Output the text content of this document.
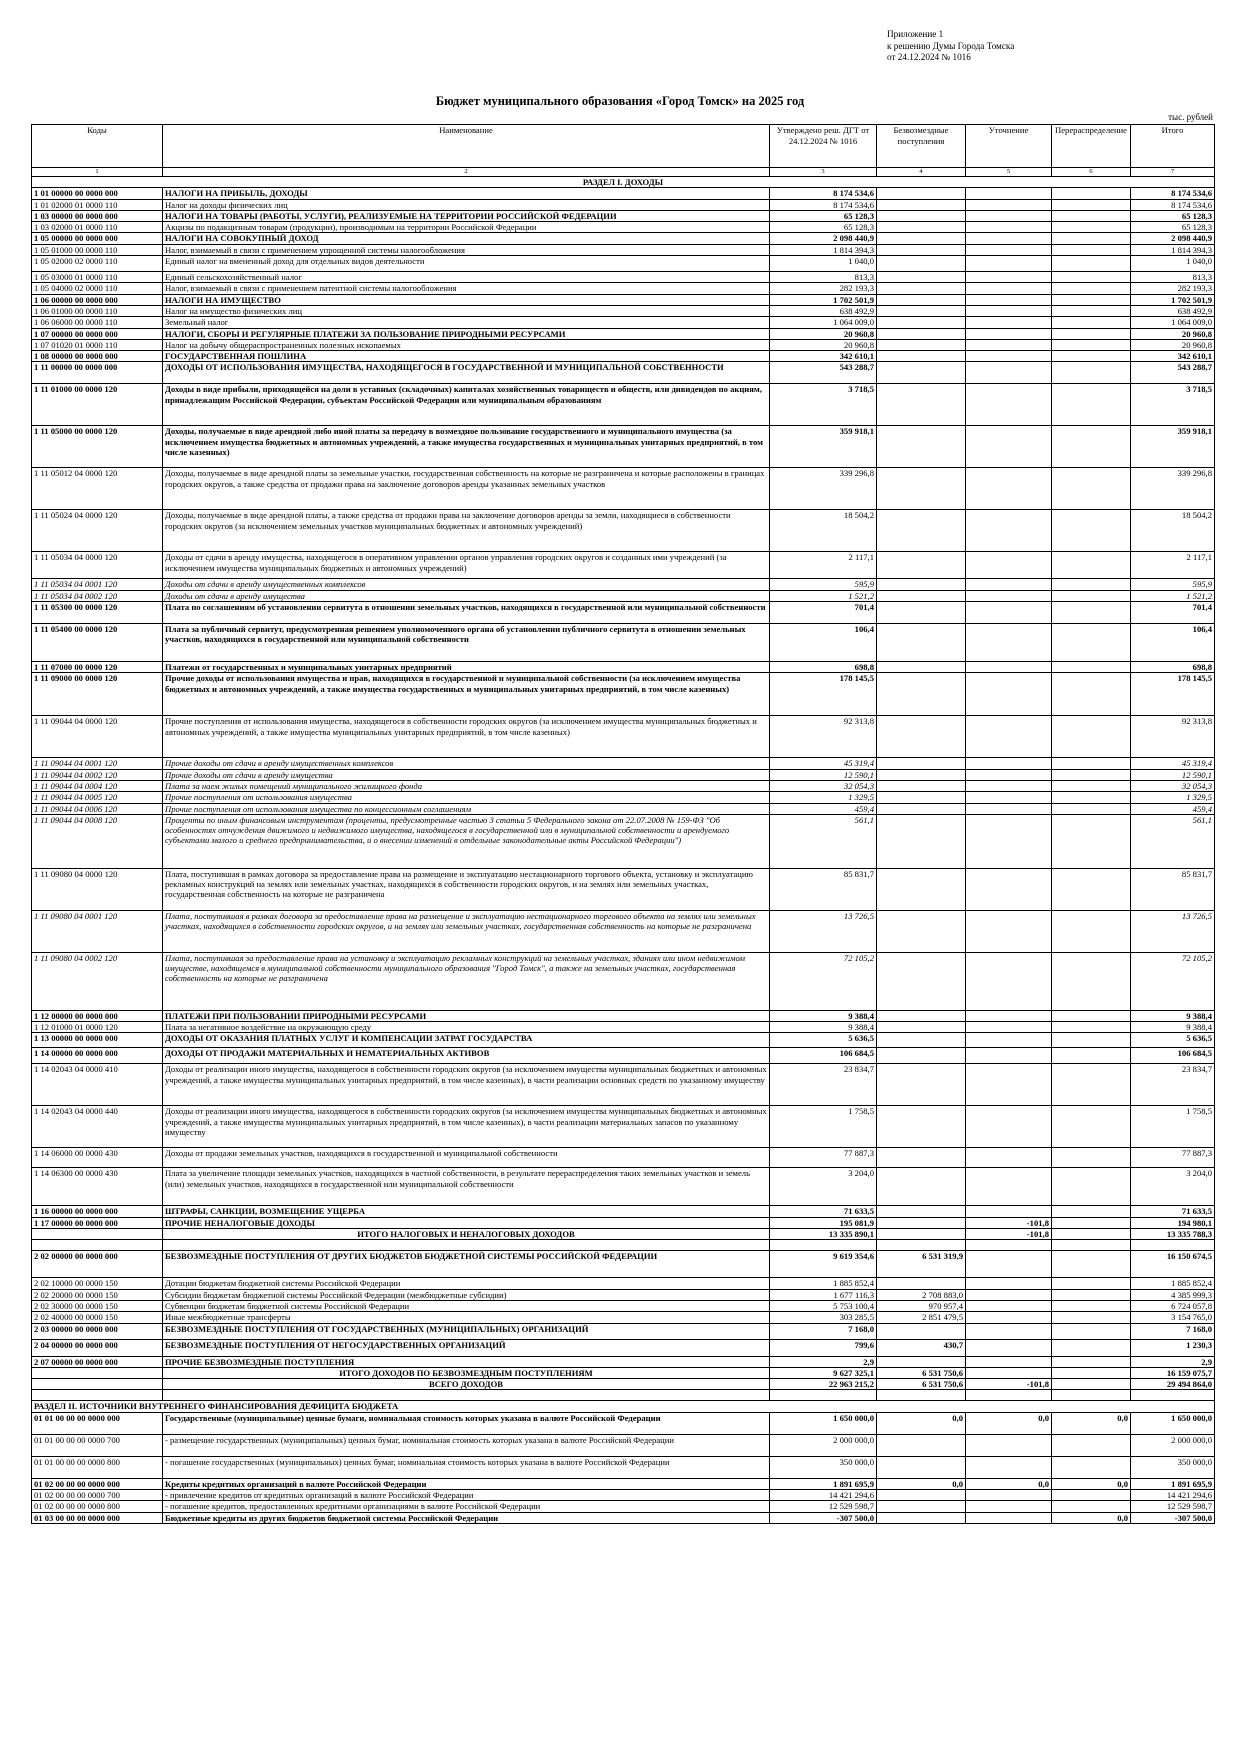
Приложение 1
к решению Думы Города Томска
от 24.12.2024 № 1016
Бюджет муниципального образования «Город Томск» на 2025 год
тыс. рублей
Коды	Наименование	Утверждено реш. ДГТ от 24.12.2024 № 1016	Безвозмездные поступления	Уточнение	Перераспределение	Итого
1	2	3	4	5	6	7
РАЗДЕЛ I. ДОХОДЫ						
1 01 00000 00 0000 000	НАЛОГИ НА ПРИБЫЛЬ, ДОХОДЫ	8 174 534,6				8 174 534,6
1 01 02000 01 0000 110	Налог на доходы физических лиц	8 174 534,6				8 174 534,6
1 03 00000 00 0000 000	НАЛОГИ НА ТОВАРЫ (РАБОТЫ, УСЛУГИ), РЕАЛИЗУЕМЫЕ НА ТЕРРИТОРИИ РОССИЙСКОЙ ФЕДЕРАЦИИ	65 128,3				65 128,3
1 03 02000 01 0000 110	Акцизы по подакцизным товарам (продукции), производимым на территории Российской Федерации	65 128,3				65 128,3
1 05 00000 00 0000 000	НАЛОГИ НА СОВОКУПНЫЙ ДОХОД	2 098 440,9				2 098 440,9
1 05 01000 00 0000 110	Налог, взимаемый в связи с применением упрощенной системы налогообложения	1 814 394,3				1 814 394,3
1 05 02000 02 0000 110	Единый налог на вмененный доход для отдельных видов деятельности	1 040,0				1 040,0
1 05 03000 01 0000 110	Единый сельскохозяйственный налог	813,3				813,3
1 05 04000 02 0000 110	Налог, взимаемый в связи с применением патентной системы налогообложения	282 193,3				282 193,3
1 06 00000 00 0000 000	НАЛОГИ НА ИМУЩЕСТВО	1 702 501,9				1 702 501,9
1 06 01000 00 0000 110	Налог на имущество физических лиц	638 492,9				638 492,9
1 06 06000 00 0000 110	Земельный налог	1 064 009,0				1 064 009,0
1 07 00000 00 0000 000	НАЛОГИ, СБОРЫ И РЕГУЛЯРНЫЕ ПЛАТЕЖИ ЗА ПОЛЬЗОВАНИЕ ПРИРОДНЫМИ РЕСУРСАМИ	20 960,8				20 960,8
1 07 01020 01 0000 110	Налог на добычу общераспространенных полезных ископаемых	20 960,8				20 960,8
1 08 00000 00 0000 000	ГОСУДАРСТВЕННАЯ ПОШЛИНА	342 610,1				342 610,1
1 11 00000 00 0000 000	ДОХОДЫ ОТ ИСПОЛЬЗОВАНИЯ ИМУЩЕСТВА, НАХОДЯЩЕГОСЯ В ГОСУДАРСТВЕННОЙ И МУНИЦИПАЛЬНОЙ СОБСТВЕННОСТИ	543 288,7				543 288,7
1 11 01000 00 0000 120	Доходы в виде прибыли, приходящейся на доли в уставных (складочных) капиталах хозяйственных товариществ и обществ, или дивидендов по акциям, принадлежащим Российской Федерации, субъектам Российской Федерации или муниципальным образованиям	3 718,5				3 718,5
1 11 05000 00 0000 120	Доходы, получаемые в виде арендной либо иной платы за передачу в возмездное пользование государственного и муниципального имущества (за исключением имущества бюджетных и автономных учреждений, а также имущества государственных и муниципальных унитарных предприятий, в том числе казенных)	359 918,1				359 918,1
1 11 05012 04 0000 120	Доходы, получаемые в виде арендной платы за земельные участки, государственная собственность на которые не разграничена и которые расположены в границах городских округов, а также средства от продажи права на заключение договоров аренды указанных земельных участков	339 296,8				339 296,8
1 11 05024 04 0000 120	Доходы, получаемые в виде арендной платы, а также средства от продажи права на заключение договоров аренды за земли, находящиеся в собственности городских округов (за исключением земельных участков муниципальных бюджетных и автономных учреждений)	18 504,2				18 504,2
1 11 05034 04 0000 120	Доходы от сдачи в аренду имущества, находящегося в оперативном управлении органов управления городских округов и созданных ими учреждений (за исключением имущества муниципальных бюджетных и автономных учреждений)	2 117,1				2 117,1
1 11 05034 04 0001 120	Доходы от сдачи в аренду имущественных комплексов	595,9				595,9
1 11 05034 04 0002 120	Доходы от сдачи в аренду имущества	1 521,2				1 521,2
1 11 05300 00 0000 120	Плата по соглашениям об установлении сервитута в отношении земельных участков, находящихся в государственной или муниципальной собственности	701,4				701,4
1 11 05400 00 0000 120	Плата за публичный сервитут, предусмотренная решением уполномоченного органа об установлении публичного сервитута в отношении земельных участков, находящихся в государственной или муниципальной собственности	106,4				106,4
1 11 07000 00 0000 120	Платежи от государственных и муниципальных унитарных предприятий	698,8				698,8
1 11 09000 00 0000 120	Прочие доходы от использования имущества и прав, находящихся в государственной и муниципальной собственности (за исключением имущества бюджетных и автономных учреждений, а также имущества государственных и муниципальных унитарных предприятий, в том числе казенных)	178 145,5				178 145,5
1 11 09044 04 0000 120	Прочие поступления от использования имущества, находящегося в собственности городских округов (за исключением имущества муниципальных бюджетных и автономных учреждений, а также имущества муниципальных унитарных предприятий, в том числе казенных)	92 313,8				92 313,8
1 11 09044 04 0001 120	Прочие доходы от сдачи в аренду имущественных комплексов	45 319,4				45 319,4
1 11 09044 04 0002 120	Прочие доходы от сдачи в аренду имущества	12 590,1				12 590,1
1 11 09044 04 0004 120	Плата за наем жилых помещений муниципального жилищного фонда	32 054,3				32 054,3
1 11 09044 04 0005 120	Прочие поступления от использования имущества	1 329,5				1 329,5
1 11 09044 04 0006 120	Прочие поступления от использования имущества по концессионным соглашениям	459,4				459,4
1 11 09044 04 0008 120	Проценты по иным финансовым инструментам (проценты, предусмотренные частью 3 статьи 5 Федерального закона от 22.07.2008 № 159-ФЗ "Об особенностях отчуждения движимого и недвижимого имущества, находящегося в государственной или в муниципальной собственности и арендуемого субъектами малого и среднего предпринимательства, и о внесении изменений в отдельные законодательные акты Российской Федерации")	561,1				561,1
1 11 09080 04 0000 120	Плата, поступившая в рамках договора за предоставление права на размещение и эксплуатацию нестационарного торгового объекта, установку и эксплуатацию рекламных конструкций на землях или земельных участках, находящихся в собственности городских округов, и на землях или земельных участках, государственная собственность на которые не разграничена	85 831,7				85 831,7
1 11 09080 04 0001 120	Плата, поступившая в рамках договора за предоставление права на размещение и эксплуатацию нестационарного торгового объекта на землях или земельных участках, находящихся в собственности городских округов, и на землях или земельных участках, государственная собственность на которые не разграничена	13 726,5				13 726,5
1 11 09080 04 0002 120	Плата, поступившая за предоставление права на установку и эксплуатацию рекламных конструкций на земельных участках, зданиях или ином недвижимом имуществе, находящемся в муниципальной собственности муниципального образования "Город Томск", а также на земельных участках, государственная собственность на которые не разграничена	72 105,2				72 105,2
1 12 00000 00 0000 000	ПЛАТЕЖИ ПРИ ПОЛЬЗОВАНИИ ПРИРОДНЫМИ РЕСУРСАМИ	9 388,4				9 388,4
1 12 01000 01 0000 120	Плата за негативное воздействие на окружающую среду	9 388,4				9 388,4
1 13 00000 00 0000 000	ДОХОДЫ ОТ ОКАЗАНИЯ ПЛАТНЫХ УСЛУГ И КОМПЕНСАЦИИ ЗАТРАТ ГОСУДАРСТВА	5 636,5				5 636,5
1 14 00000 00 0000 000	ДОХОДЫ ОТ ПРОДАЖИ МАТЕРИАЛЬНЫХ И НЕМАТЕРИАЛЬНЫХ АКТИВОВ	106 684,5				106 684,5
1 14 02043 04 0000 410	Доходы от реализации иного имущества, находящегося в собственности городских округов (за исключением имущества муниципальных бюджетных и автономных учреждений, а также имущества муниципальных унитарных предприятий, в том числе казенных), в части реализации основных средств по указанному имуществу	23 834,7				23 834,7
1 14 02043 04 0000 440	Доходы от реализации иного имущества, находящегося в собственности городских округов (за исключением имущества муниципальных бюджетных и автономных учреждений, а также имущества муниципальных унитарных предприятий, в том числе казенных), в части реализации материальных запасов по указанному имуществу	1 758,5				1 758,5
1 14 06000 00 0000 430	Доходы от продажи земельных участков, находящихся в государственной и муниципальной собственности	77 887,3				77 887,3
1 14 06300 00 0000 430	Плата за увеличение площади земельных участков, находящихся в частной собственности, в результате перераспределения таких земельных участков и земель (или) земельных участков, находящихся в государственной или муниципальной собственности	3 204,0				3 204,0
1 16 00000 00 0000 000	ШТРАФЫ, САНКЦИИ, ВОЗМЕЩЕНИЕ УЩЕРБА	71 633,5				71 633,5
1 17 00000 00 0000 000	ПРОЧИЕ НЕНАЛОГОВЫЕ ДОХОДЫ	195 081,9		-101,8		194 980,1
	ИТОГО НАЛОГОВЫХ И НЕНАЛОГОВЫХ ДОХОДОВ	13 335 890,1		-101,8		13 335 788,3

2 02 00000 00 0000 000	БЕЗВОЗМЕЗДНЫЕ ПОСТУПЛЕНИЯ ОТ ДРУГИХ БЮДЖЕТОВ БЮДЖЕТНОЙ СИСТЕМЫ РОССИЙСКОЙ ФЕДЕРАЦИИ	9 619 354,6	6 531 319,9			16 150 674,5
2 02 10000 00 0000 150	Дотации бюджетам бюджетной системы Российской Федерации	1 885 852,4				1 885 852,4
2 02 20000 00 0000 150	Субсидии бюджетам бюджетной системы Российской Федерации (межбюджетные субсидии)	1 677 116,3	2 708 883,0			4 385 999,3
2 02 30000 00 0000 150	Субвенции бюджетам бюджетной системы Российской Федерации	5 753 100,4	970 957,4			6 724 057,8
2 02 40000 00 0000 150	Иные межбюджетные трансферты	303 285,5	2 851 479,5			3 154 765,0
2 03 00000 00 0000 000	БЕЗВОЗМЕЗДНЫЕ ПОСТУПЛЕНИЯ ОТ ГОСУДАРСТВЕННЫХ (МУНИЦИПАЛЬНЫХ) ОРГАНИЗАЦИЙ	7 168,0				7 168,0
2 04 00000 00 0000 000	БЕЗВОЗМЕЗДНЫЕ ПОСТУПЛЕНИЯ ОТ НЕГОСУДАРСТВЕННЫХ ОРГАНИЗАЦИЙ	799,6	430,7			1 230,3
2 07 00000 00 0000 000	ПРОЧИЕ БЕЗВОЗМЕЗДНЫЕ ПОСТУПЛЕНИЯ	2,9				2,9
	ИТОГО ДОХОДОВ ПО БЕЗВОЗМЕЗДНЫМ ПОСТУПЛЕНИЯМ	9 627 325,1	6 531 750,6			16 159 075,7
	ВСЕГО ДОХОДОВ	22 963 215,2	6 531 750,6	-101,8		29 494 864,0

РАЗДЕЛ II. ИСТОЧНИКИ ВНУТРЕННЕГО ФИНАНСИРОВАНИЯ ДЕФИЦИТА БЮДЖЕТА						
01 01 00 00 00 0000 000	Государственные (муниципальные) ценные бумаги, номинальная стоимость которых указана в валюте Российской Федерации	1 650 000,0	0,0	0,0	0,0	1 650 000,0
01 01 00 00 00 0000 700	- размещение государственных (муниципальных) ценных бумаг, номинальная стоимость которых указана в валюте Российской Федерации	2 000 000,0				2 000 000,0
01 01 00 00 00 0000 800	- погашение государственных (муниципальных) ценных бумаг, номинальная стоимость которых указана в валюте Российской Федерации	350 000,0				350 000,0
01 02 00 00 00 0000 000	Кредиты кредитных организаций в валюте Российской Федерации	1 891 695,9	0,0	0,0	0,0	1 891 695,9
01 02 00 00 00 0000 700	- привлечение кредитов от кредитных организаций в валюте Российской Федерации	14 421 294,6				14 421 294,6
01 02 00 00 00 0000 800	- погашение кредитов, предоставленных кредитными организациями в валюте Российской Федерации	12 529 598,7				12 529 598,7
01 03 00 00 00 0000 000	Бюджетные кредиты из других бюджетов бюджетной системы Российской Федерации	-307 500,0			0,0	-307 500,0
